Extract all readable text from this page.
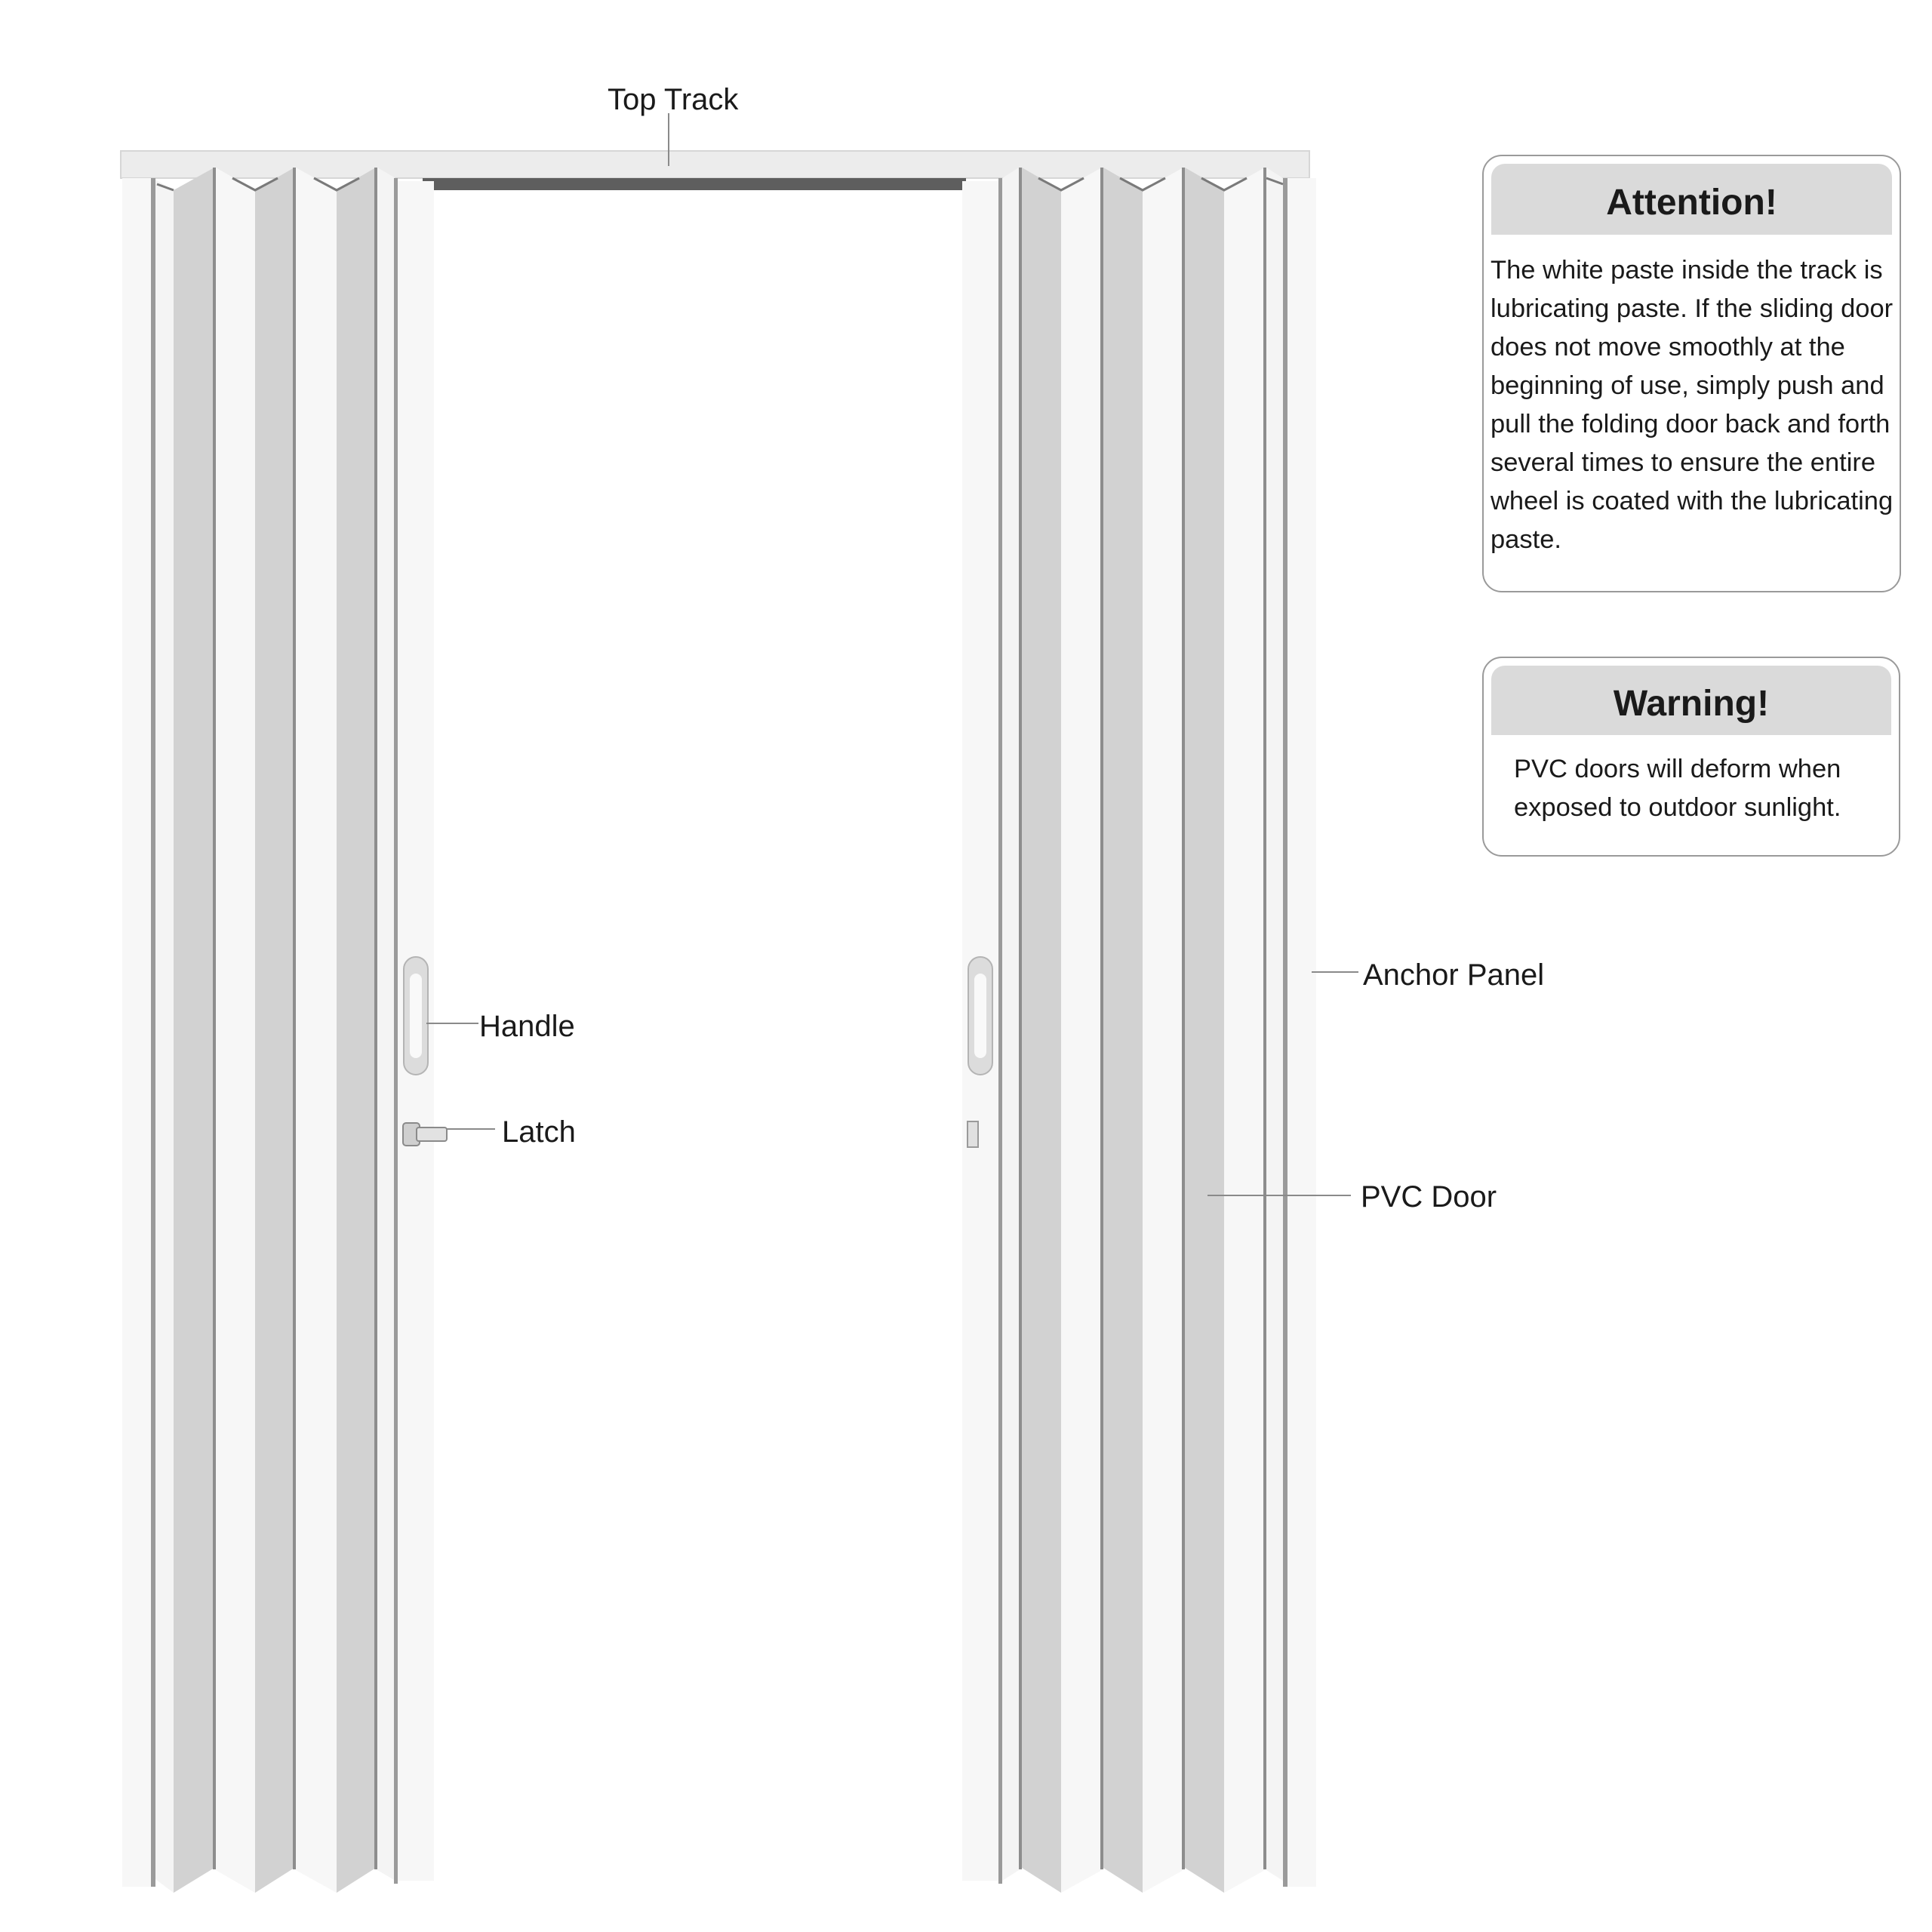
Top Track
Handle
Latch
Anchor Panel
PVC Door
Attention!
The white paste inside the track is lubricating paste. If the sliding door does not move smoothly at the beginning of use, simply push and pull the folding door back and forth several times to ensure the entire wheel is coated with the lubricating paste.
Warning!
PVC doors will deform when exposed to outdoor sunlight.
